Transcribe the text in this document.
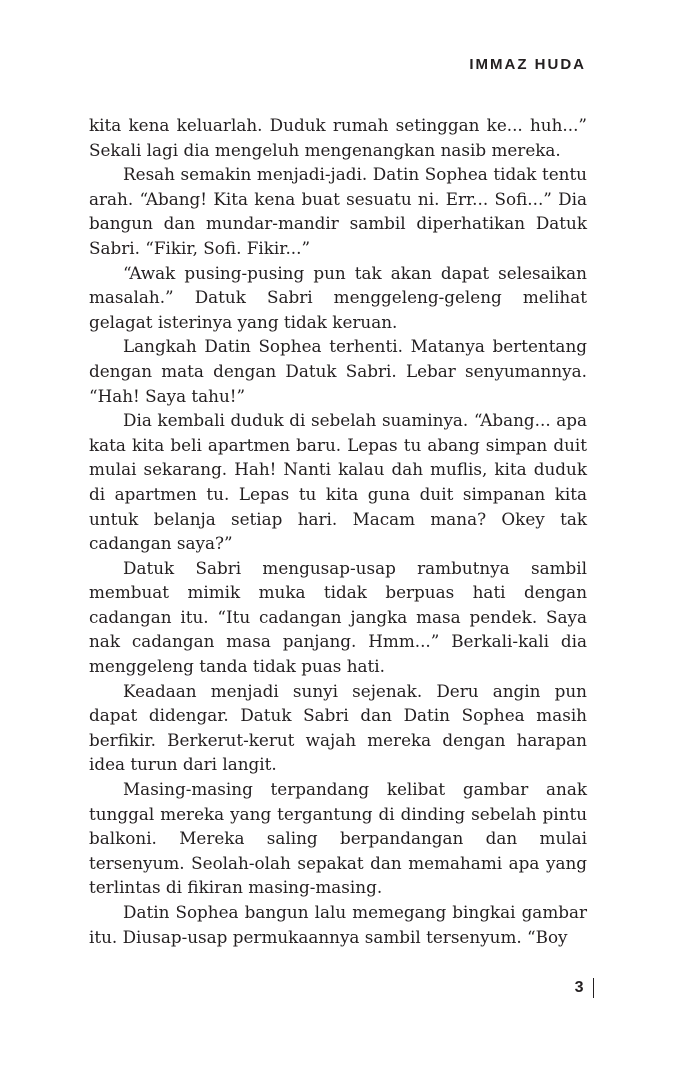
IMMAZ HUDA

kita kena keluarlah. Duduk rumah setinggan ke... huh...” Sekali lagi dia mengeluh mengenangkan nasib mereka.

Resah semakin menjadi-jadi. Datin Sophea tidak tentu arah. “Abang! Kita kena buat sesuatu ni. Err... Sofi...” Dia bangun dan mundar-mandir sambil diperhatikan Datuk Sabri. “Fikir, Sofi. Fikir...”

“Awak pusing-pusing pun tak akan dapat selesaikan masalah.” Datuk Sabri menggeleng-geleng melihat gelagat isterinya yang tidak keruan.

Langkah Datin Sophea terhenti. Matanya bertentang dengan mata dengan Datuk Sabri. Lebar senyumannya. “Hah! Saya tahu!”

Dia kembali duduk di sebelah suaminya. “Abang... apa kata kita beli apartmen baru. Lepas tu abang simpan duit mulai sekarang. Hah! Nanti kalau dah muflis, kita duduk di apartmen tu. Lepas tu kita guna duit simpanan kita untuk belanja setiap hari. Macam mana? Okey tak cadangan saya?”

Datuk Sabri mengusap-usap rambutnya sambil membuat mimik muka tidak berpuas hati dengan cadangan itu. “Itu cadangan jangka masa pendek. Saya nak cadangan masa panjang. Hmm...” Berkali-kali dia menggeleng tanda tidak puas hati.

Keadaan menjadi sunyi sejenak. Deru angin pun dapat didengar. Datuk Sabri dan Datin Sophea masih berfikir. Berkerut-kerut wajah mereka dengan harapan idea turun dari langit.

Masing-masing terpandang kelibat gambar anak tunggal mereka yang tergantung di dinding sebelah pintu balkoni. Mereka saling berpandangan dan mulai tersenyum. Seolah-olah sepakat dan memahami apa yang terlintas di fikiran masing-masing.

Datin Sophea bangun lalu memegang bingkai gambar itu. Diusap-usap permukaannya sambil tersenyum. “Boy

3
